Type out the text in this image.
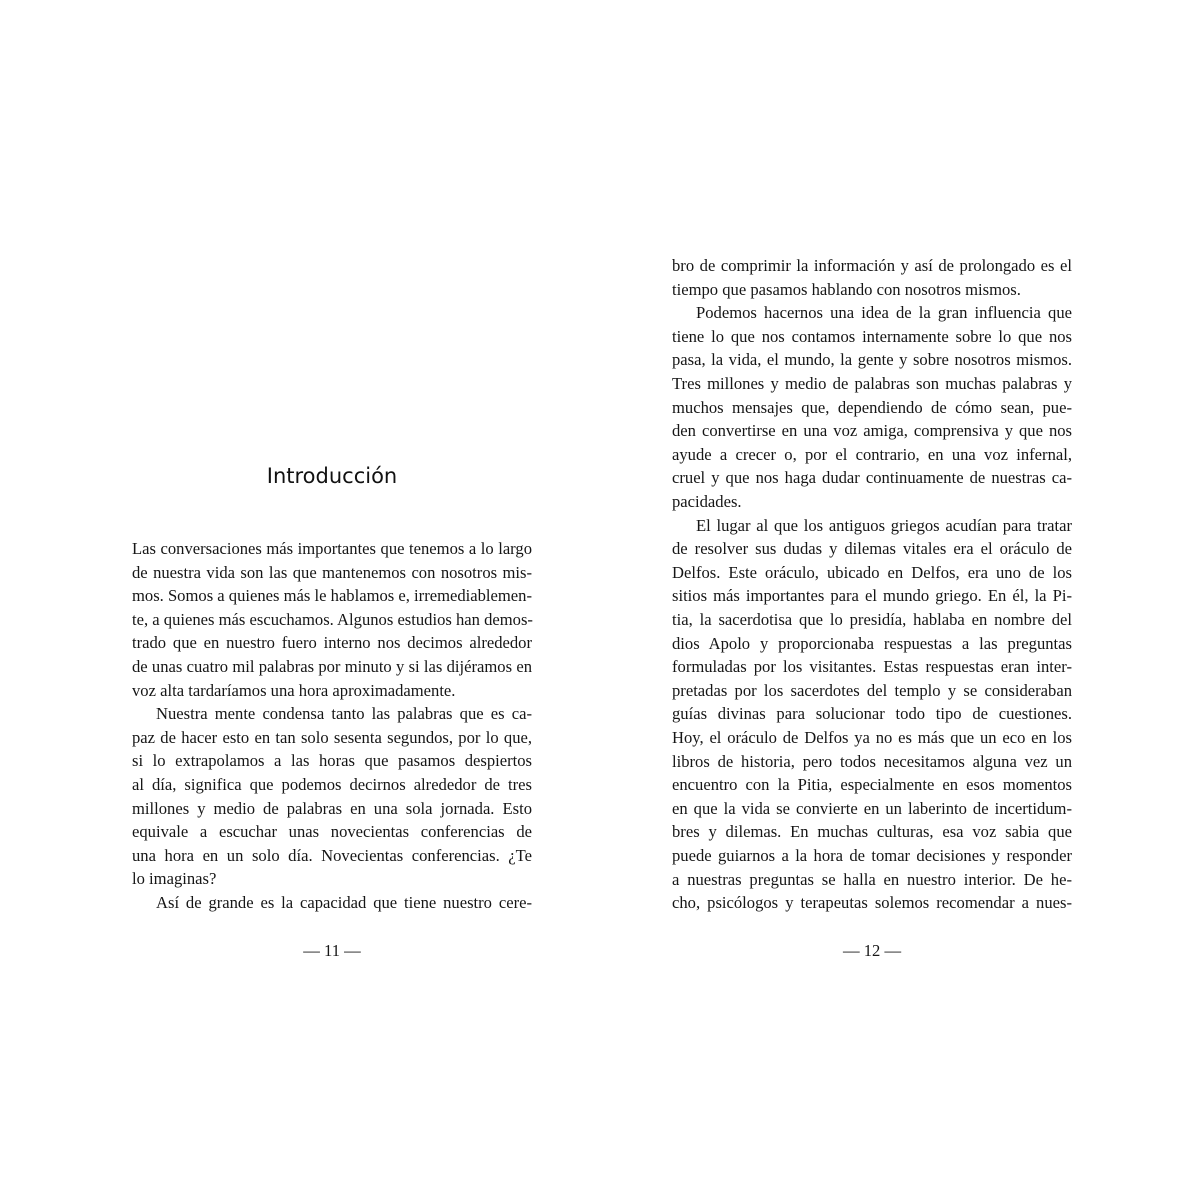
Introducción
Las conversaciones más importantes que tenemos a lo largo
de nuestra vida son las que mantenemos con nosotros mis-
mos. Somos a quienes más le hablamos e, irremediablemen-
te, a quienes más escuchamos. Algunos estudios han demos-
trado que en nuestro fuero interno nos decimos alrededor
de unas cuatro mil palabras por minuto y si las dijéramos en
voz alta tardaríamos una hora aproximadamente.
Nuestra mente condensa tanto las palabras que es ca-
paz de hacer esto en tan solo sesenta segundos, por lo que,
si lo extrapolamos a las horas que pasamos despiertos
al día, significa que podemos decirnos alrededor de tres
millones y medio de palabras en una sola jornada. Esto
equivale a escuchar unas novecientas conferencias de
una hora en un solo día. Novecientas conferencias. ¿Te
lo imaginas?
Así de grande es la capacidad que tiene nuestro cere-
— 11 —
bro de comprimir la información y así de prolongado es el
tiempo que pasamos hablando con nosotros mismos.
Podemos hacernos una idea de la gran influencia que
tiene lo que nos contamos internamente sobre lo que nos
pasa, la vida, el mundo, la gente y sobre nosotros mismos.
Tres millones y medio de palabras son muchas palabras y
muchos mensajes que, dependiendo de cómo sean, pue-
den convertirse en una voz amiga, comprensiva y que nos
ayude a crecer o, por el contrario, en una voz infernal,
cruel y que nos haga dudar continuamente de nuestras ca-
pacidades.
El lugar al que los antiguos griegos acudían para tratar
de resolver sus dudas y dilemas vitales era el oráculo de
Delfos. Este oráculo, ubicado en Delfos, era uno de los
sitios más importantes para el mundo griego. En él, la Pi-
tia, la sacerdotisa que lo presidía, hablaba en nombre del
dios Apolo y proporcionaba respuestas a las preguntas
formuladas por los visitantes. Estas respuestas eran inter-
pretadas por los sacerdotes del templo y se consideraban
guías divinas para solucionar todo tipo de cuestiones.
Hoy, el oráculo de Delfos ya no es más que un eco en los
libros de historia, pero todos necesitamos alguna vez un
encuentro con la Pitia, especialmente en esos momentos
en que la vida se convierte en un laberinto de incertidum-
bres y dilemas. En muchas culturas, esa voz sabia que
puede guiarnos a la hora de tomar decisiones y responder
a nuestras preguntas se halla en nuestro interior. De he-
cho, psicólogos y terapeutas solemos recomendar a nues-
— 12 —
